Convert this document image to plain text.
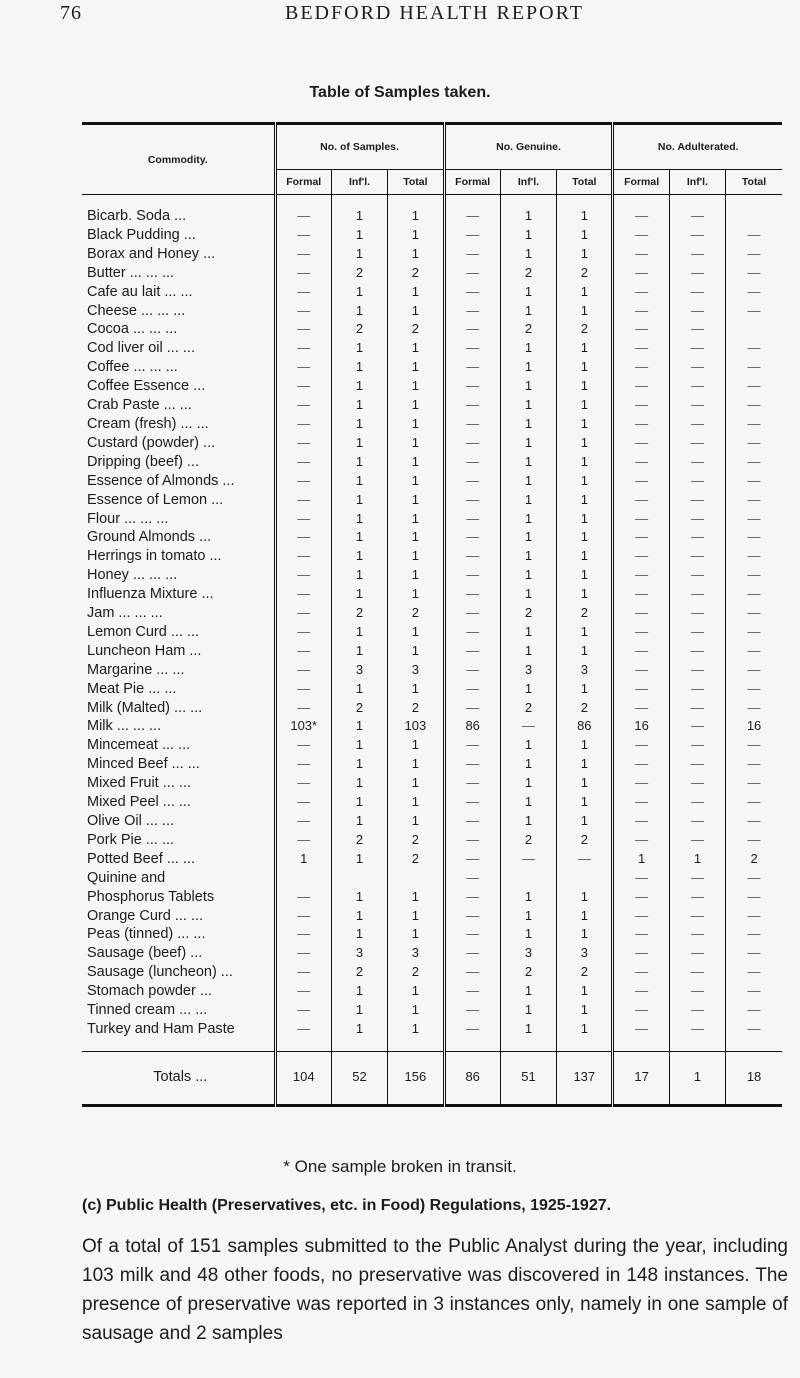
76	BEDFORD HEALTH REPORT
Table of Samples taken.
Commodity.	No. of Samples.			No. Genuine.			No. Adulterated.		
	Formal	Inf'l.	Total	Formal	Inf'l.	Total	Formal	Inf'l.	Total

Bicarb. Soda ...	—	1	1	—	1	1	—	—	
Black Pudding ...	—	1	1	—	1	1	—	—	—
Borax and Honey ...	—	1	1	—	1	1	—	—	—
Butter ... ... ...	—	2	2	—	2	2	—	—	—
Cafe au lait ... ...	—	1	1	—	1	1	—	—	—
Cheese ... ... ...	—	1	1	—	1	1	—	—	—
Cocoa ... ... ...	—	2	2	—	2	2	—	—	
Cod liver oil ... ...	—	1	1	—	1	1	—	—	—
Coffee ... ... ...	—	1	1	—	1	1	—	—	—
Coffee Essence ...	—	1	1	—	1	1	—	—	—
Crab Paste ... ...	—	1	1	—	1	1	—	—	—
Cream (fresh) ... ...	—	1	1	—	1	1	—	—	—
Custard (powder) ...	—	1	1	—	1	1	—	—	—
Dripping (beef) ...	—	1	1	—	1	1	—	—	—
Essence of Almonds ...	—	1	1	—	1	1	—	—	—
Essence of Lemon ...	—	1	1	—	1	1	—	—	—
Flour ... ... ...	—	1	1	—	1	1	—	—	—
Ground Almonds ...	—	1	1	—	1	1	—	—	—
Herrings in tomato ...	—	1	1	—	1	1	—	—	—
Honey ... ... ...	—	1	1	—	1	1	—	—	—
Influenza Mixture ...	—	1	1	—	1	1	—	—	—
Jam ... ... ...	—	2	2	—	2	2	—	—	—
Lemon Curd ... ...	—	1	1	—	1	1	—	—	—
Luncheon Ham ...	—	1	1	—	1	1	—	—	—
Margarine ... ...	—	3	3	—	3	3	—	—	—
Meat Pie ... ...	—	1	1	—	1	1	—	—	—
Milk (Malted) ... ...	—	2	2	—	2	2	—	—	—
Milk ... ... ...	103*	1	103	86	—	86	16	—	16
Mincemeat ... ...	—	1	1	—	1	1	—	—	—
Minced Beef ... ...	—	1	1	—	1	1	—	—	—
Mixed Fruit ... ...	—	1	1	—	1	1	—	—	—
Mixed Peel ... ...	—	1	1	—	1	1	—	—	—
Olive Oil ... ...	—	1	1	—	1	1	—	—	—
Pork Pie ... ...	—	2	2	—	2	2	—	—	—
Potted Beef ... ...	1	1	2	—	—	—	1	1	2
Quinine and				—			—	—	—
Phosphorus Tablets	—	1	1	—	1	1	—	—	—
Orange Curd ... ...	—	1	1	—	1	1	—	—	—
Peas (tinned) ... ...	—	1	1	—	1	1	—	—	—
Sausage (beef) ...	—	3	3	—	3	3	—	—	—
Sausage (luncheon) ...	—	2	2	—	2	2	—	—	—
Stomach powder ...	—	1	1	—	1	1	—	—	—
Tinned cream ... ...	—	1	1	—	1	1	—	—	—
Turkey and Ham Paste	—	1	1	—	1	1	—	—	—

Totals ...	104	52	156	86	51	137	17	1	18
* One sample broken in transit.
(c) Public Health (Preservatives, etc. in Food) Regulations, 1925-1927.
Of a total of 151 samples submitted to the Public Analyst during the year, including 103 milk and 48 other foods, no preservative was discovered in 148 instances. The presence of preservative was reported in 3 instances only, namely in one sample of sausage and 2 samples
